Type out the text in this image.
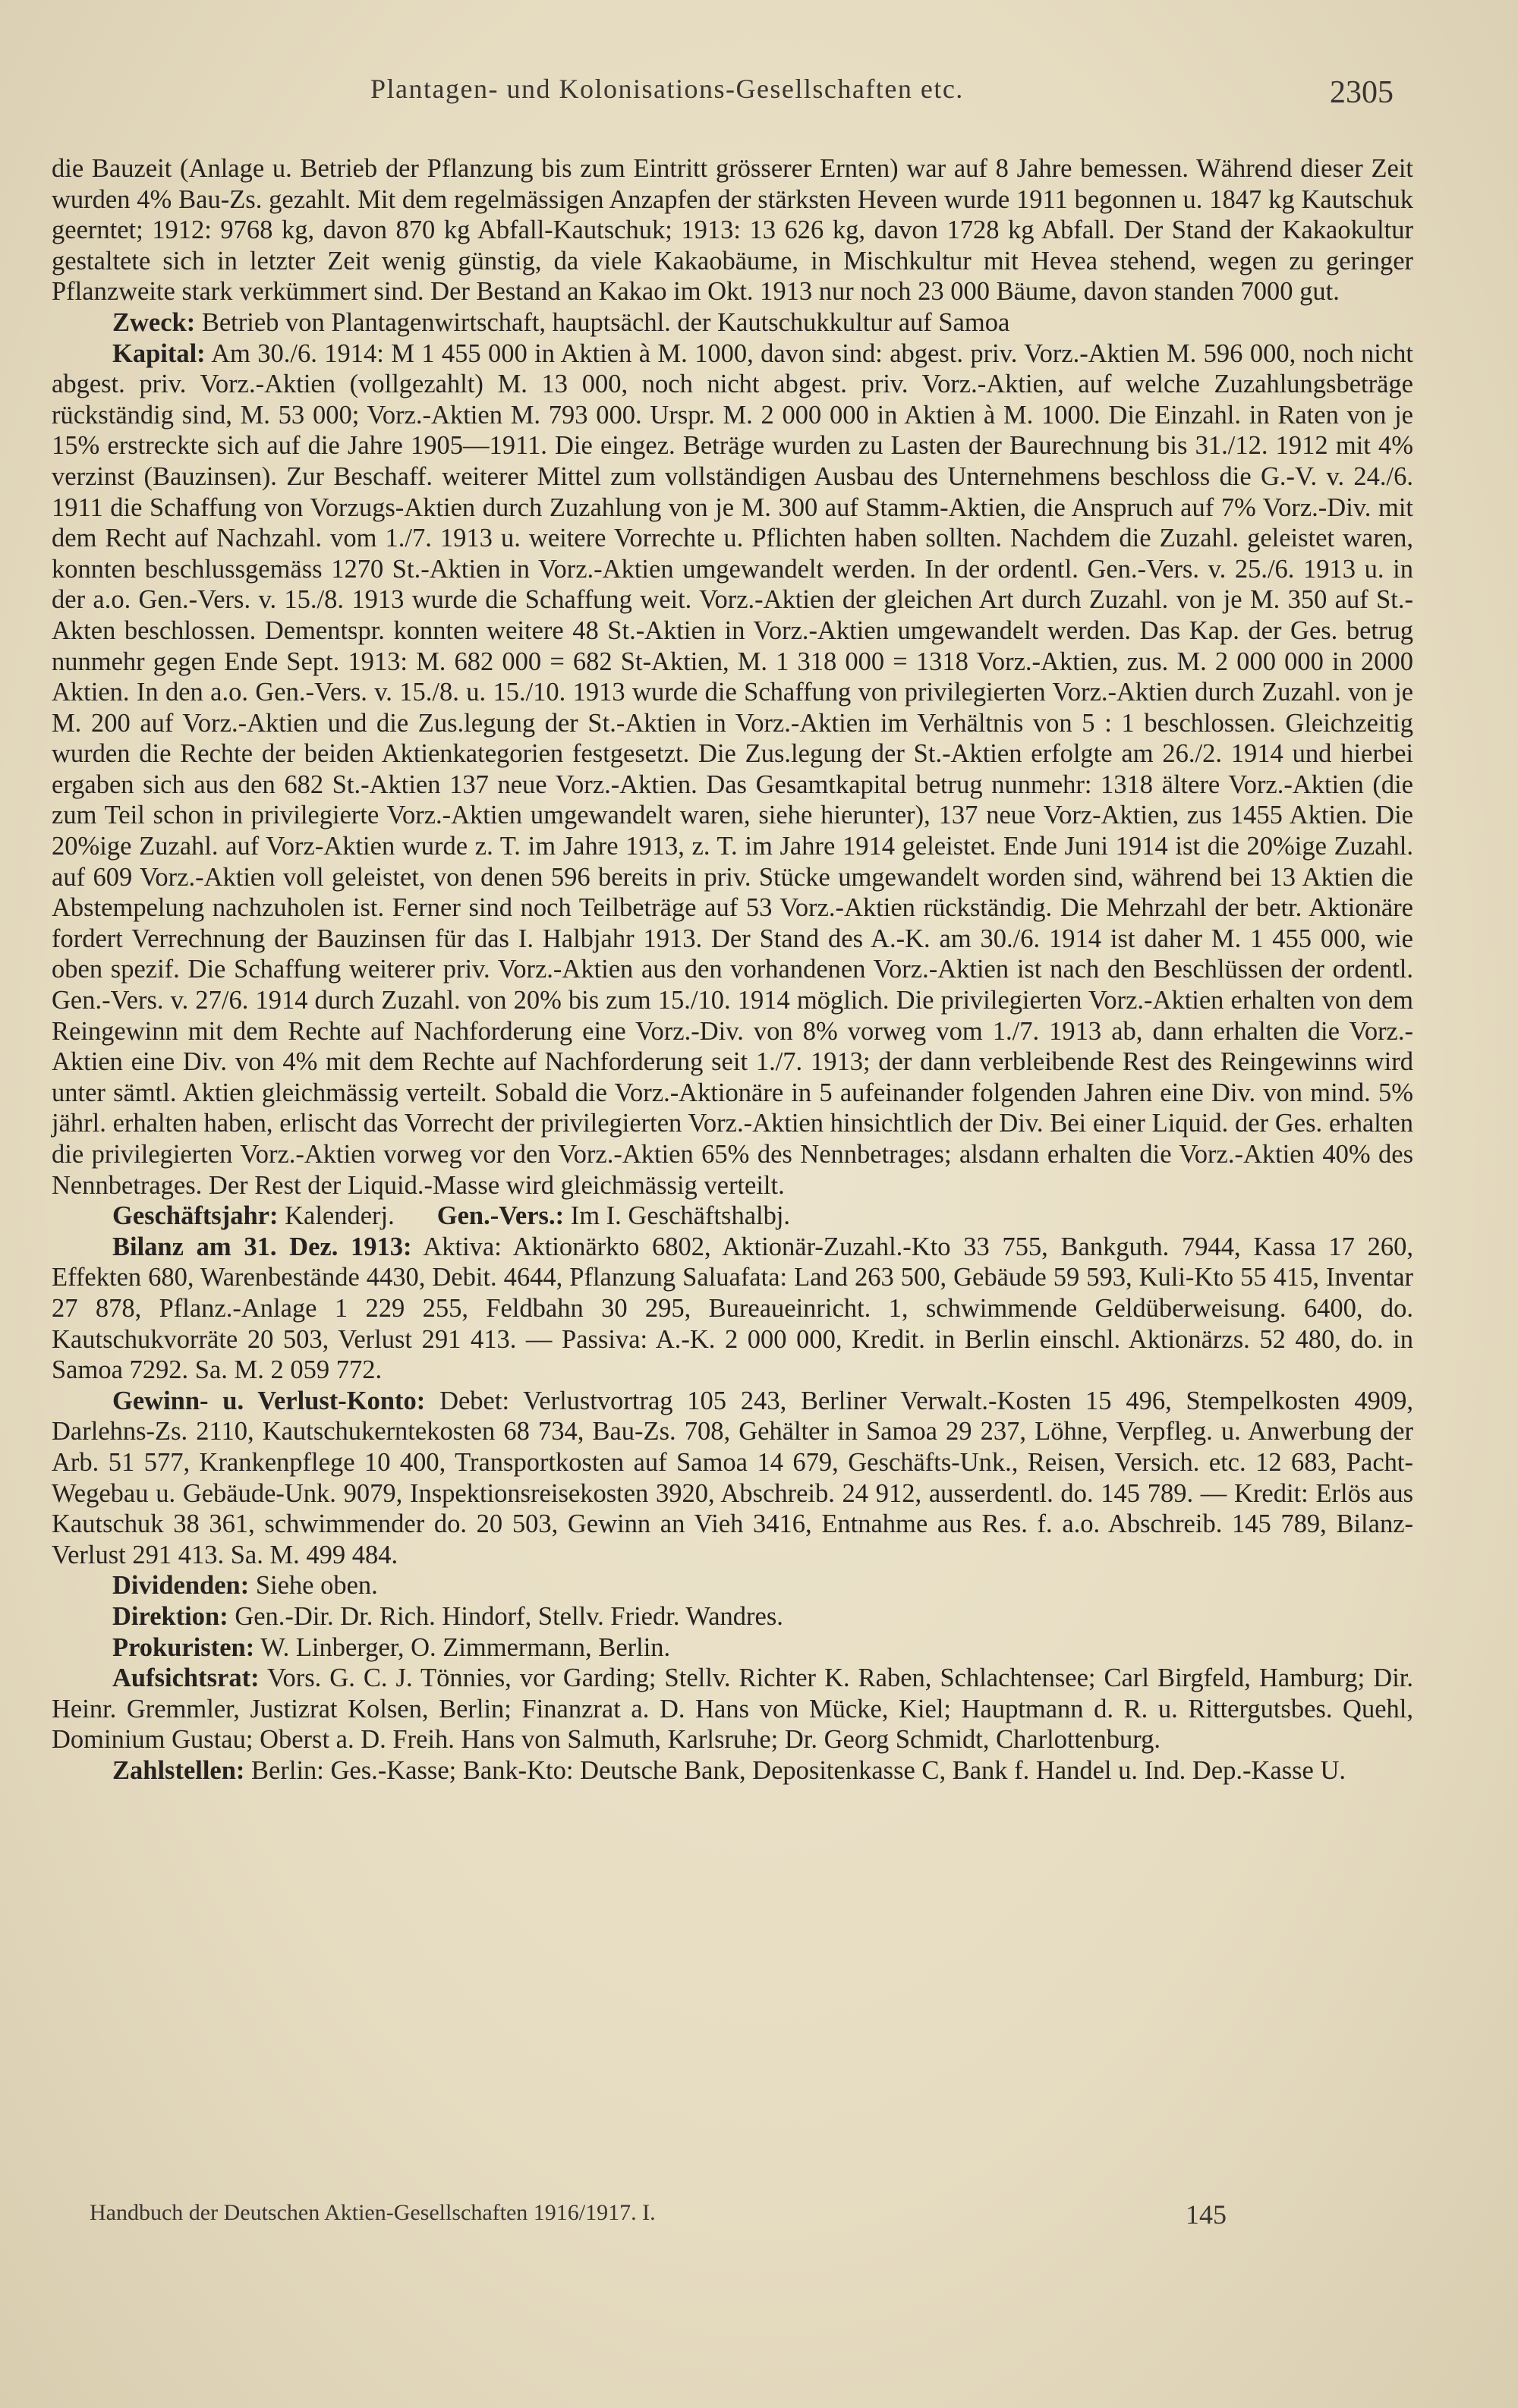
Plantagen- und Kolonisations-Gesellschaften etc.	2305

die Bauzeit (Anlage u. Betrieb der Pflanzung bis zum Eintritt grösserer Ernten) war auf 8 Jahre bemessen. Während dieser Zeit wurden 4% Bau-Zs. gezahlt. Mit dem regelmässigen Anzapfen der stärksten Heveen wurde 1911 begonnen u. 1847 kg Kautschuk geerntet; 1912: 9768 kg, davon 870 kg Abfall-Kautschuk; 1913: 13 626 kg, davon 1728 kg Abfall. Der Stand der Kakaokultur gestaltete sich in letzter Zeit wenig günstig, da viele Kakaobäume, in Mischkultur mit Hevea stehend, wegen zu geringer Pflanzweite stark verkümmert sind. Der Bestand an Kakao im Okt. 1913 nur noch 23 000 Bäume, davon standen 7000 gut.

Zweck: Betrieb von Plantagenwirtschaft, hauptsächl. der Kautschukkultur auf Samoa

Kapital: Am 30./6. 1914: M 1 455 000 in Aktien à M. 1000, davon sind: abgest. priv. Vorz.-Aktien M. 596 000, noch nicht abgest. priv. Vorz.-Aktien (vollgezahlt) M. 13 000, noch nicht abgest. priv. Vorz.-Aktien, auf welche Zuzahlungsbeträge rückständig sind, M. 53 000; Vorz.-Aktien M. 793 000. Urspr. M. 2 000 000 in Aktien à M. 1000. Die Einzahl. in Raten von je 15% erstreckte sich auf die Jahre 1905—1911. Die eingez. Beträge wurden zu Lasten der Baurechnung bis 31./12. 1912 mit 4% verzinst (Bauzinsen). Zur Beschaff. weiterer Mittel zum vollständigen Ausbau des Unternehmens beschloss die G.-V. v. 24./6. 1911 die Schaffung von Vorzugs-Aktien durch Zuzahlung von je M. 300 auf Stamm-Aktien, die Anspruch auf 7% Vorz.-Div. mit dem Recht auf Nachzahl. vom 1./7. 1913 u. weitere Vorrechte u. Pflichten haben sollten. Nachdem die Zuzahl. geleistet waren, konnten beschlussgemäss 1270 St.-Aktien in Vorz.-Aktien umgewandelt werden. In der ordentl. Gen.-Vers. v. 25./6. 1913 u. in der a.o. Gen.-Vers. v. 15./8. 1913 wurde die Schaffung weit. Vorz.-Aktien der gleichen Art durch Zuzahl. von je M. 350 auf St.-Akten beschlossen. Dementspr. konnten weitere 48 St.-Aktien in Vorz.-Aktien umgewandelt werden. Das Kap. der Ges. betrug nunmehr gegen Ende Sept. 1913: M. 682 000 = 682 St-Aktien, M. 1 318 000 = 1318 Vorz.-Aktien, zus. M. 2 000 000 in 2000 Aktien. In den a.o. Gen.-Vers. v. 15./8. u. 15./10. 1913 wurde die Schaffung von privilegierten Vorz.-Aktien durch Zuzahl. von je M. 200 auf Vorz.-Aktien und die Zus.legung der St.-Aktien in Vorz.-Aktien im Verhältnis von 5 : 1 beschlossen. Gleichzeitig wurden die Rechte der beiden Aktienkategorien festgesetzt. Die Zus.legung der St.-Aktien erfolgte am 26./2. 1914 und hierbei ergaben sich aus den 682 St.-Aktien 137 neue Vorz.-Aktien. Das Gesamtkapital betrug nunmehr: 1318 ältere Vorz.-Aktien (die zum Teil schon in privilegierte Vorz.-Aktien umgewandelt waren, siehe hierunter), 137 neue Vorz-Aktien, zus 1455 Aktien. Die 20%ige Zuzahl. auf Vorz-Aktien wurde z. T. im Jahre 1913, z. T. im Jahre 1914 geleistet. Ende Juni 1914 ist die 20%ige Zuzahl. auf 609 Vorz.-Aktien voll geleistet, von denen 596 bereits in priv. Stücke umgewandelt worden sind, während bei 13 Aktien die Abstempelung nachzuholen ist. Ferner sind noch Teilbeträge auf 53 Vorz.-Aktien rückständig. Die Mehrzahl der betr. Aktionäre fordert Verrechnung der Bauzinsen für das I. Halbjahr 1913. Der Stand des A.-K. am 30./6. 1914 ist daher M. 1 455 000, wie oben spezif. Die Schaffung weiterer priv. Vorz.-Aktien aus den vorhandenen Vorz.-Aktien ist nach den Beschlüssen der ordentl. Gen.-Vers. v. 27/6. 1914 durch Zuzahl. von 20% bis zum 15./10. 1914 möglich. Die privilegierten Vorz.-Aktien erhalten von dem Reingewinn mit dem Rechte auf Nachforderung eine Vorz.-Div. von 8% vorweg vom 1./7. 1913 ab, dann erhalten die Vorz.-Aktien eine Div. von 4% mit dem Rechte auf Nachforderung seit 1./7. 1913; der dann verbleibende Rest des Reingewinns wird unter sämtl. Aktien gleichmässig verteilt. Sobald die Vorz.-Aktionäre in 5 aufeinander folgenden Jahren eine Div. von mind. 5% jährl. erhalten haben, erlischt das Vorrecht der privilegierten Vorz.-Aktien hinsichtlich der Div. Bei einer Liquid. der Ges. erhalten die privilegierten Vorz.-Aktien vorweg vor den Vorz.-Aktien 65% des Nennbetrages; alsdann erhalten die Vorz.-Aktien 40% des Nennbetrages. Der Rest der Liquid.-Masse wird gleichmässig verteilt.

Geschäftsjahr: Kalenderj. Gen.-Vers.: Im I. Geschäftshalbj.

Bilanz am 31. Dez. 1913: Aktiva: Aktionärkto 6802, Aktionär-Zuzahl.-Kto 33 755, Bankguth. 7944, Kassa 17 260, Effekten 680, Warenbestände 4430, Debit. 4644, Pflanzung Saluafata: Land 263 500, Gebäude 59 593, Kuli-Kto 55 415, Inventar 27 878, Pflanz.-Anlage 1 229 255, Feldbahn 30 295, Bureaueinricht. 1, schwimmende Geldüberweisung. 6400, do. Kautschukvorräte 20 503, Verlust 291 413. — Passiva: A.-K. 2 000 000, Kredit. in Berlin einschl. Aktionärzs. 52 480, do. in Samoa 7292. Sa. M. 2 059 772.

Gewinn- u. Verlust-Konto: Debet: Verlustvortrag 105 243, Berliner Verwalt.-Kosten 15 496, Stempelkosten 4909, Darlehns-Zs. 2110, Kautschukerntekosten 68 734, Bau-Zs. 708, Gehälter in Samoa 29 237, Löhne, Verpfleg. u. Anwerbung der Arb. 51 577, Krankenpflege 10 400, Transportkosten auf Samoa 14 679, Geschäfts-Unk., Reisen, Versich. etc. 12 683, Pacht-Wegebau u. Gebäude-Unk. 9079, Inspektionsreisekosten 3920, Abschreib. 24 912, ausserdentl. do. 145 789. — Kredit: Erlös aus Kautschuk 38 361, schwimmender do. 20 503, Gewinn an Vieh 3416, Entnahme aus Res. f. a.o. Abschreib. 145 789, Bilanz-Verlust 291 413. Sa. M. 499 484.

Dividenden: Siehe oben.

Direktion: Gen.-Dir. Dr. Rich. Hindorf, Stellv. Friedr. Wandres.

Prokuristen: W. Linberger, O. Zimmermann, Berlin.

Aufsichtsrat: Vors. G. C. J. Tönnies, vor Garding; Stellv. Richter K. Raben, Schlachtensee; Carl Birgfeld, Hamburg; Dir. Heinr. Gremmler, Justizrat Kolsen, Berlin; Finanzrat a. D. Hans von Mücke, Kiel; Hauptmann d. R. u. Rittergutsbes. Quehl, Dominium Gustau; Oberst a. D. Freih. Hans von Salmuth, Karlsruhe; Dr. Georg Schmidt, Charlottenburg.

Zahlstellen: Berlin: Ges.-Kasse; Bank-Kto: Deutsche Bank, Depositenkasse C, Bank f. Handel u. Ind. Dep.-Kasse U.

Handbuch der Deutschen Aktien-Gesellschaften 1916/1917. I.	145
